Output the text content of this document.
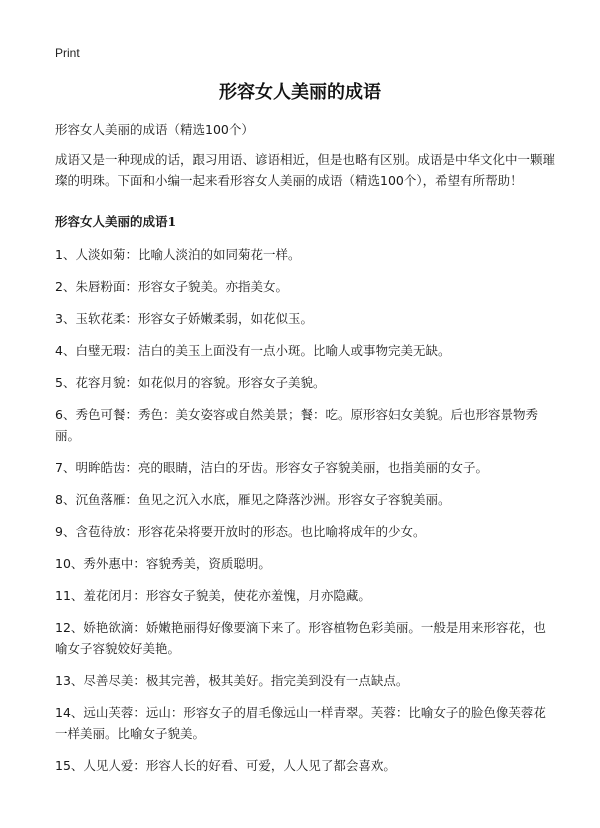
Print
形容女人美丽的成语
形容女人美丽的成语（精选100个）
成语又是一种现成的话，跟习用语、谚语相近，但是也略有区别。成语是中华文化中一颗璀璨的明珠。下面和小编一起来看形容女人美丽的成语（精选100个），希望有所帮助！
形容女人美丽的成语1
1、人淡如菊：比喻人淡泊的如同菊花一样。
2、朱唇粉面：形容女子貌美。亦指美女。
3、玉软花柔：形容女子娇嫩柔弱，如花似玉。
4、白璧无瑕：洁白的美玉上面没有一点小斑。比喻人或事物完美无缺。
5、花容月貌：如花似月的容貌。形容女子美貌。
6、秀色可餐：秀色：美女姿容或自然美景；餐：吃。原形容妇女美貌。后也形容景物秀丽。
7、明眸皓齿：亮的眼睛，洁白的牙齿。形容女子容貌美丽，也指美丽的女子。
8、沉鱼落雁：鱼见之沉入水底，雁见之降落沙洲。形容女子容貌美丽。
9、含苞待放：形容花朵将要开放时的形态。也比喻将成年的少女。
10、秀外惠中：容貌秀美，资质聪明。
11、羞花闭月：形容女子貌美，使花亦羞愧，月亦隐藏。
12、娇艳欲滴：娇嫩艳丽得好像要滴下来了。形容植物色彩美丽。一般是用来形容花，也喻女子容貌姣好美艳。
13、尽善尽美：极其完善，极其美好。指完美到没有一点缺点。
14、远山芙蓉：远山：形容女子的眉毛像远山一样青翠。芙蓉：比喻女子的脸色像芙蓉花一样美丽。比喻女子貌美。
15、人见人爱：形容人长的好看、可爱，人人见了都会喜欢。
